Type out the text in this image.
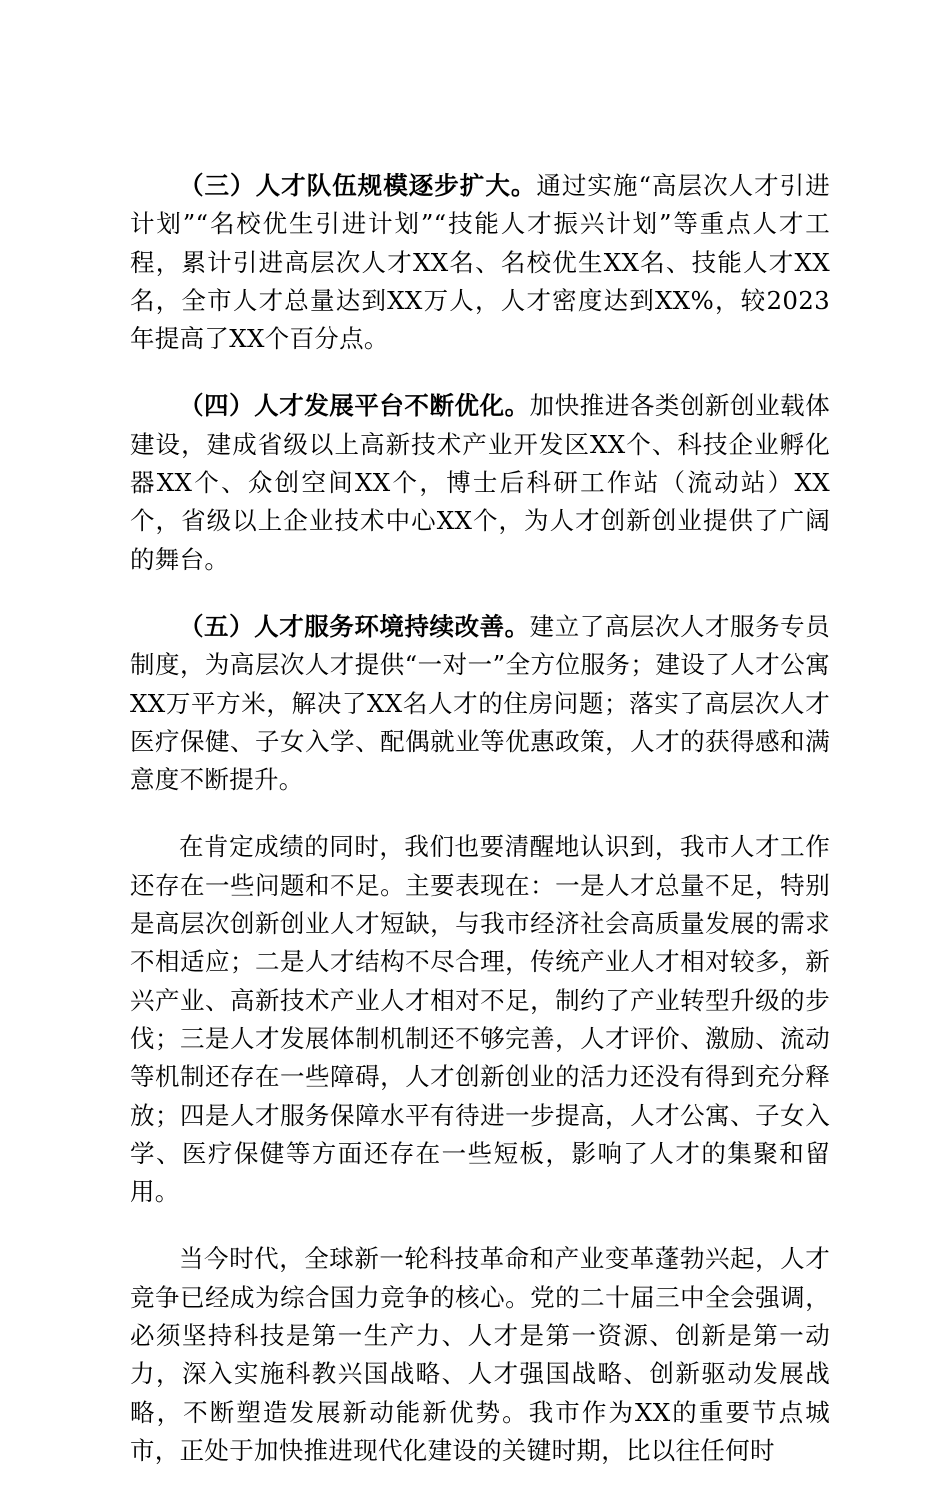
（三）人才队伍规模逐步扩大。通过实施“高层次人才引进计划”“名校优生引进计划”“技能人才振兴计划”等重点人才工程，累计引进高层次人才XX名、名校优生XX名、技能人才XX名，全市人才总量达到XX万人，人才密度达到XX%，较2023年提高了XX个百分点。

（四）人才发展平台不断优化。加快推进各类创新创业载体建设，建成省级以上高新技术产业开发区XX个、科技企业孵化器XX个、众创空间XX个，博士后科研工作站（流动站）XX个，省级以上企业技术中心XX个，为人才创新创业提供了广阔的舞台。

（五）人才服务环境持续改善。建立了高层次人才服务专员制度，为高层次人才提供“一对一”全方位服务；建设了人才公寓XX万平方米，解决了XX名人才的住房问题；落实了高层次人才医疗保健、子女入学、配偶就业等优惠政策，人才的获得感和满意度不断提升。

在肯定成绩的同时，我们也要清醒地认识到，我市人才工作还存在一些问题和不足。主要表现在：一是人才总量不足，特别是高层次创新创业人才短缺，与我市经济社会高质量发展的需求不相适应；二是人才结构不尽合理，传统产业人才相对较多，新兴产业、高新技术产业人才相对不足，制约了产业转型升级的步伐；三是人才发展体制机制还不够完善，人才评价、激励、流动等机制还存在一些障碍，人才创新创业的活力还没有得到充分释放；四是人才服务保障水平有待进一步提高，人才公寓、子女入学、医疗保健等方面还存在一些短板，影响了人才的集聚和留用。

当今时代，全球新一轮科技革命和产业变革蓬勃兴起，人才竞争已经成为综合国力竞争的核心。党的二十届三中全会强调，必须坚持科技是第一生产力、人才是第一资源、创新是第一动力，深入实施科教兴国战略、人才强国战略、创新驱动发展战略，不断塑造发展新动能新优势。我市作为XX的重要节点城市，正处于加快推进现代化建设的关键时期，比以往任何时
